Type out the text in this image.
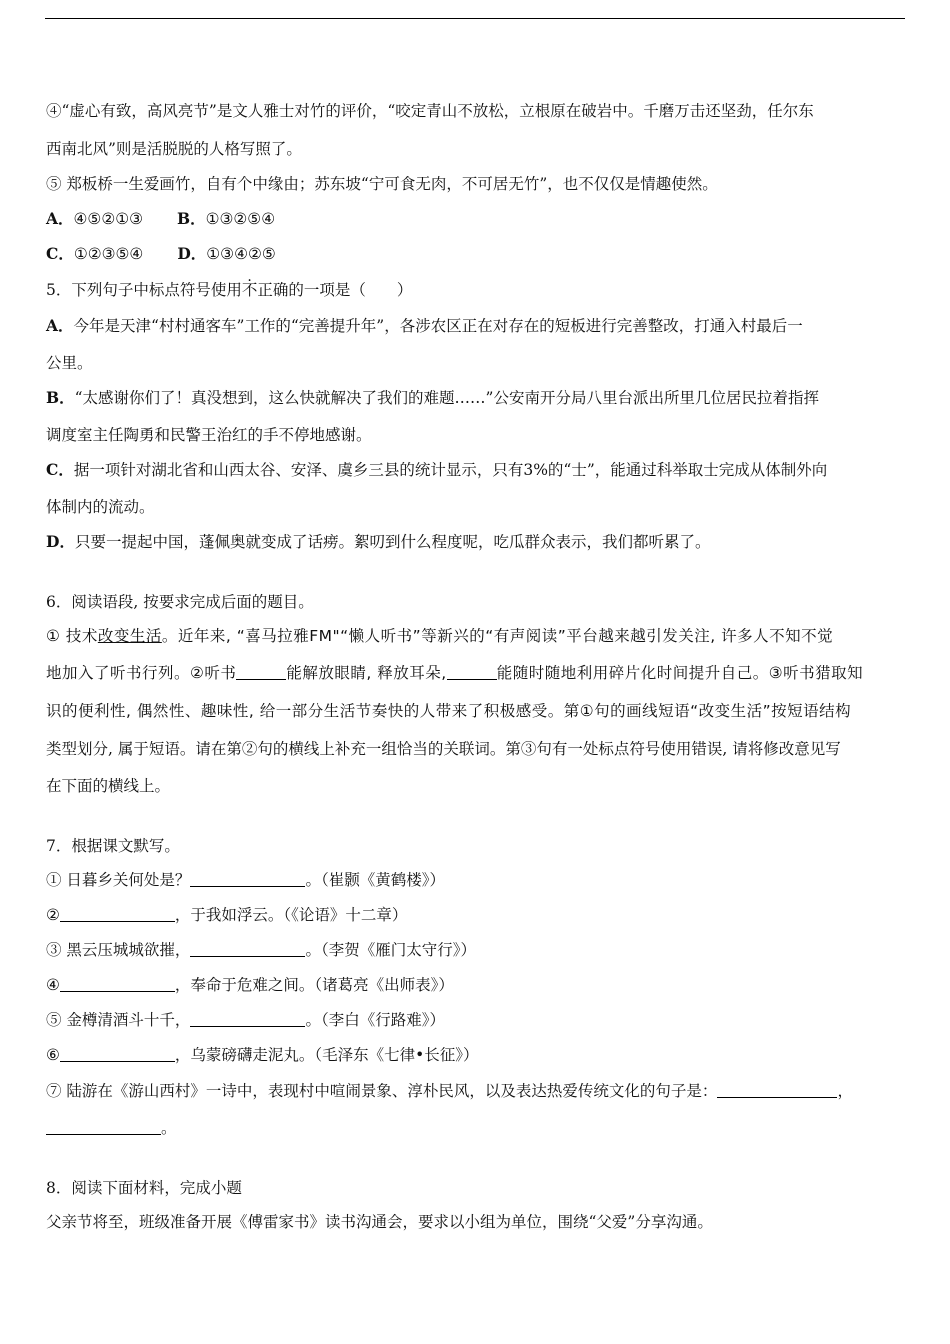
④“虚心有致，高风亮节”是文人雅士对竹的评价，“咬定青山不放松，立根原在破岩中。千磨万击还坚劲，任尔东
西南北风”则是活脱脱的人格写照了。
⑤ 郑板桥一生爱画竹，自有个中缘由；苏东坡“宁可食无肉，不可居无竹”，也不仅仅是情趣使然。
A．④⑤②①③ B．①③②⑤④
C．①②③⑤④ D．①③④②⑤
5．下列句子中标点符号使用不正确的一项是（　　）
A．今年是天津“村村通客车”工作的“完善提升年”，各涉农区正在对存在的短板进行完善整改，打通入村最后一
公里。
B．“太感谢你们了！真没想到，这么快就解决了我们的难题……”公安南开分局八里台派出所里几位居民拉着指挥
调度室主任陶勇和民警王治红的手不停地感谢。
C．据一项针对湖北省和山西太谷、安泽、虞乡三县的统计显示，只有3%的“士”，能通过科举取士完成从体制外向
体制内的流动。
D．只要一提起中国，蓬佩奥就变成了话痨。絮叨到什么程度呢，吃瓜群众表示，我们都听累了。
6．阅读语段, 按要求完成后面的题目。
① 技术改变生活。近年来, “喜马拉雅FM"“懒人听书”等新兴的“有声阅读”平台越来越引发关注, 许多人不知不觉
地加入了听书行列。②听书	能解放眼睛, 释放耳朵,	能随时随地利用碎片化时间提升自己。③听书猎取知
识的便利性, 偶然性、趣味性, 给一部分生活节奏快的人带来了积极感受。第①句的画线短语“改变生活”按短语结构
类型划分, 属于短语。请在第②句的横线上补充一组恰当的关联词。第③句有一处标点符号使用错误, 请将修改意见写
在下面的横线上。
7．根据课文默写。
① 日暮乡关何处是？	。（崔颢《黄鹤楼》）
②	，于我如浮云。（《论语》十二章）
③ 黑云压城城欲摧，	。（李贺《雁门太守行》）
④	，奉命于危难之间。（诸葛亮《出师表》）
⑤ 金樽清酒斗十千，	。（李白《行路难》）
⑥	，乌蒙磅礴走泥丸。（毛泽东《七律•长征》）
⑦ 陆游在《游山西村》一诗中，表现村中喧闹景象、淳朴民风，以及表达热爱传统文化的句子是：	，
。
8．阅读下面材料，完成小题
父亲节将至，班级准备开展《傅雷家书》读书沟通会，要求以小组为单位，围绕“父爱”分享沟通。
